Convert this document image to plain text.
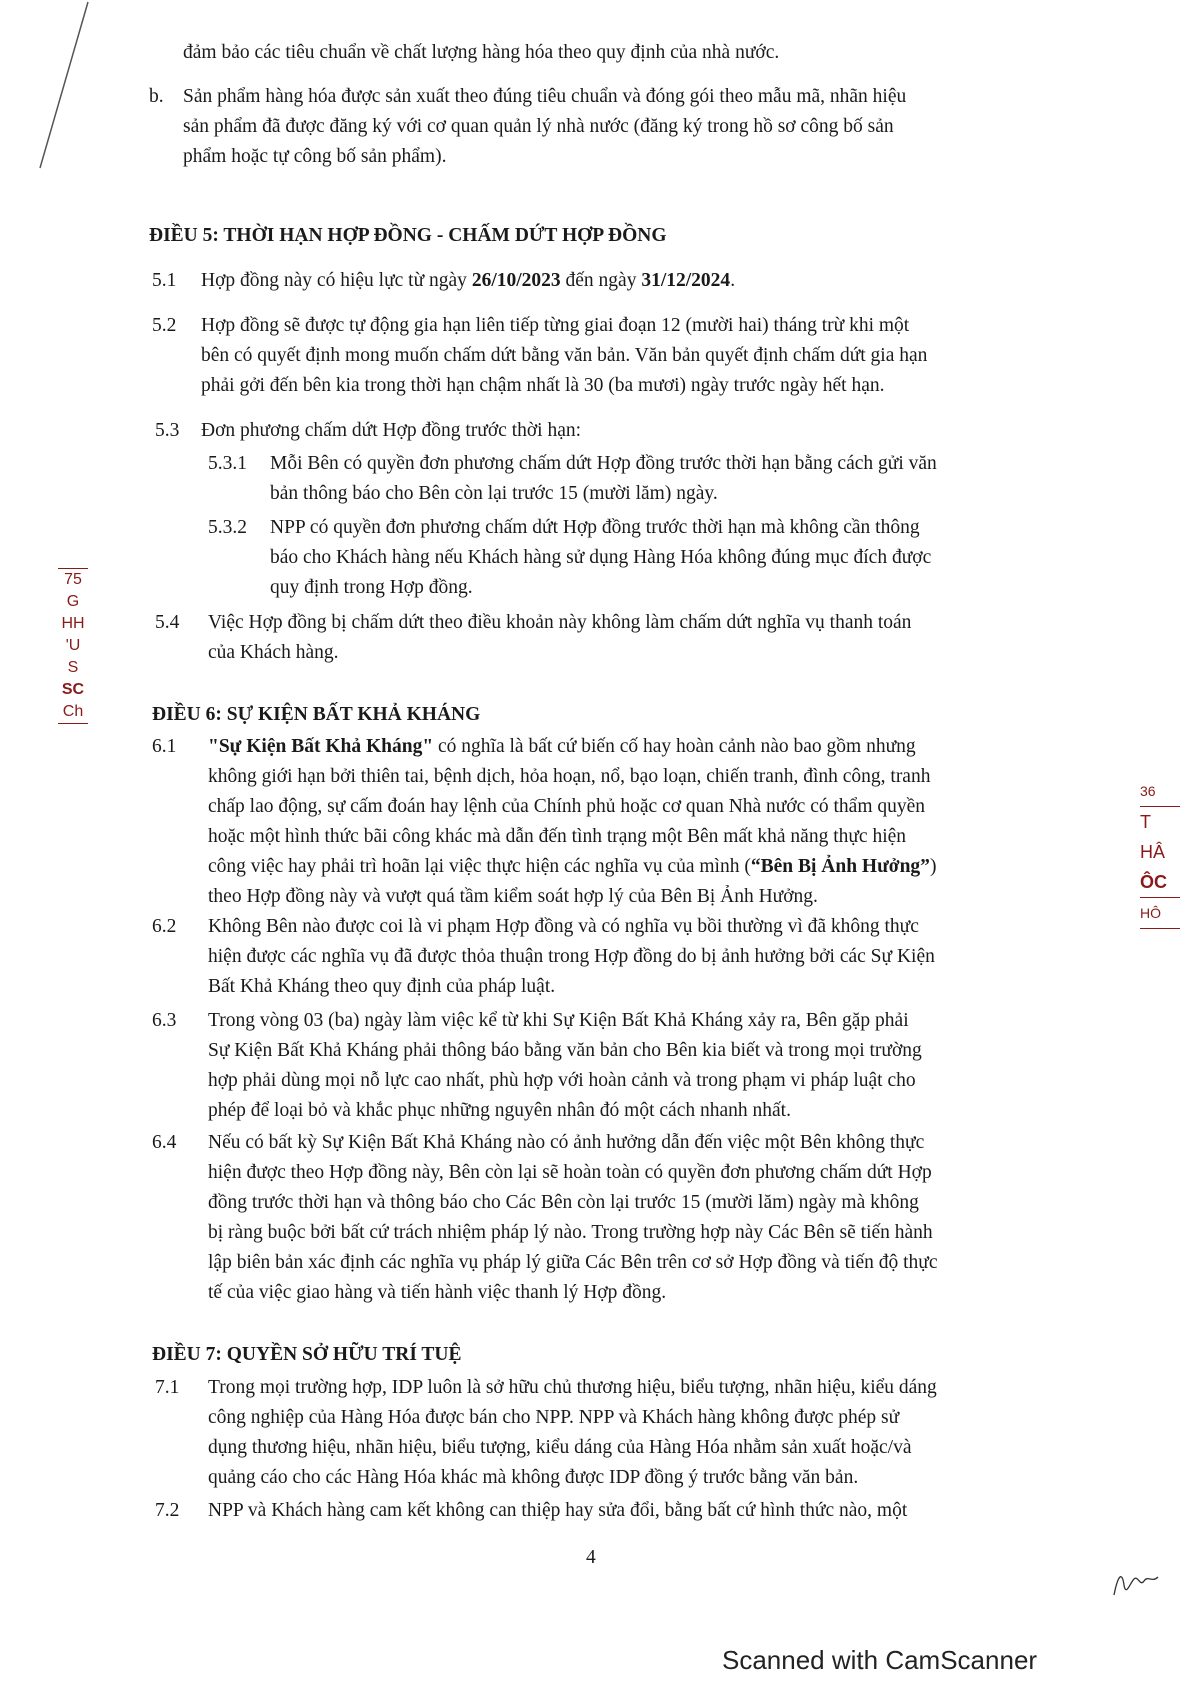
đảm bảo các tiêu chuẩn về chất lượng hàng hóa theo quy định của nhà nước.
b. Sản phẩm hàng hóa được sản xuất theo đúng tiêu chuẩn và đóng gói theo mẫu mã, nhãn hiệu
sản phẩm đã được đăng ký với cơ quan quản lý nhà nước (đăng ký trong hồ sơ công bố sản
phẩm hoặc tự công bố sản phẩm).
ĐIỀU 5: THỜI HẠN HỢP ĐỒNG - CHẤM DỨT HỢP ĐỒNG
5.1 Hợp đồng này có hiệu lực từ ngày 26/10/2023 đến ngày 31/12/2024.
5.2 Hợp đồng sẽ được tự động gia hạn liên tiếp từng giai đoạn 12 (mười hai) tháng trừ khi một
bên có quyết định mong muốn chấm dứt bằng văn bản. Văn bản quyết định chấm dứt gia hạn
phải gởi đến bên kia trong thời hạn chậm nhất là 30 (ba mươi) ngày trước ngày hết hạn.
5.3 Đơn phương chấm dứt Hợp đồng trước thời hạn:
5.3.1 Mỗi Bên có quyền đơn phương chấm dứt Hợp đồng trước thời hạn bằng cách gửi văn
bản thông báo cho Bên còn lại trước 15 (mười lăm) ngày.
5.3.2 NPP có quyền đơn phương chấm dứt Hợp đồng trước thời hạn mà không cần thông
báo cho Khách hàng nếu Khách hàng sử dụng Hàng Hóa không đúng mục đích được
quy định trong Hợp đồng.
5.4 Việc Hợp đồng bị chấm dứt theo điều khoản này không làm chấm dứt nghĩa vụ thanh toán
của Khách hàng.
ĐIỀU 6: SỰ KIỆN BẤT KHẢ KHÁNG
6.1 "Sự Kiện Bất Khả Kháng" có nghĩa là bất cứ biến cố hay hoàn cảnh nào bao gồm nhưng
không giới hạn bởi thiên tai, bệnh dịch, hỏa hoạn, nổ, bạo loạn, chiến tranh, đình công, tranh
chấp lao động, sự cấm đoán hay lệnh của Chính phủ hoặc cơ quan Nhà nước có thẩm quyền
hoặc một hình thức bãi công khác mà dẫn đến tình trạng một Bên mất khả năng thực hiện
công việc hay phải trì hoãn lại việc thực hiện các nghĩa vụ của mình (“Bên Bị Ảnh Hưởng”)
theo Hợp đồng này và vượt quá tầm kiểm soát hợp lý của Bên Bị Ảnh Hưởng.
6.2 Không Bên nào được coi là vi phạm Hợp đồng và có nghĩa vụ bồi thường vì đã không thực
hiện được các nghĩa vụ đã được thỏa thuận trong Hợp đồng do bị ảnh hưởng bởi các Sự Kiện
Bất Khả Kháng theo quy định của pháp luật.
6.3 Trong vòng 03 (ba) ngày làm việc kể từ khi Sự Kiện Bất Khả Kháng xảy ra, Bên gặp phải
Sự Kiện Bất Khả Kháng phải thông báo bằng văn bản cho Bên kia biết và trong mọi trường
hợp phải dùng mọi nỗ lực cao nhất, phù hợp với hoàn cảnh và trong phạm vi pháp luật cho
phép để loại bỏ và khắc phục những nguyên nhân đó một cách nhanh nhất.
6.4 Nếu có bất kỳ Sự Kiện Bất Khả Kháng nào có ảnh hưởng dẫn đến việc một Bên không thực
hiện được theo Hợp đồng này, Bên còn lại sẽ hoàn toàn có quyền đơn phương chấm dứt Hợp
đồng trước thời hạn và thông báo cho Các Bên còn lại trước 15 (mười lăm) ngày mà không
bị ràng buộc bởi bất cứ trách nhiệm pháp lý nào. Trong trường hợp này Các Bên sẽ tiến hành
lập biên bản xác định các nghĩa vụ pháp lý giữa Các Bên trên cơ sở Hợp đồng và tiến độ thực
tế của việc giao hàng và tiến hành việc thanh lý Hợp đồng.
ĐIỀU 7: QUYỀN SỞ HỮU TRÍ TUỆ
7.1 Trong mọi trường hợp, IDP luôn là sở hữu chủ thương hiệu, biểu tượng, nhãn hiệu, kiểu dáng
công nghiệp của Hàng Hóa được bán cho NPP. NPP và Khách hàng không được phép sử
dụng thương hiệu, nhãn hiệu, biểu tượng, kiểu dáng của Hàng Hóa nhằm sản xuất hoặc/và
quảng cáo cho các Hàng Hóa khác mà không được IDP đồng ý trước bằng văn bản.
7.2 NPP và Khách hàng cam kết không can thiệp hay sửa đổi, bằng bất cứ hình thức nào, một
4
Scanned with CamScanner
75
G
HH
'U
S
SC
Ch
36
T
HÂ
ÔC
HÔ
